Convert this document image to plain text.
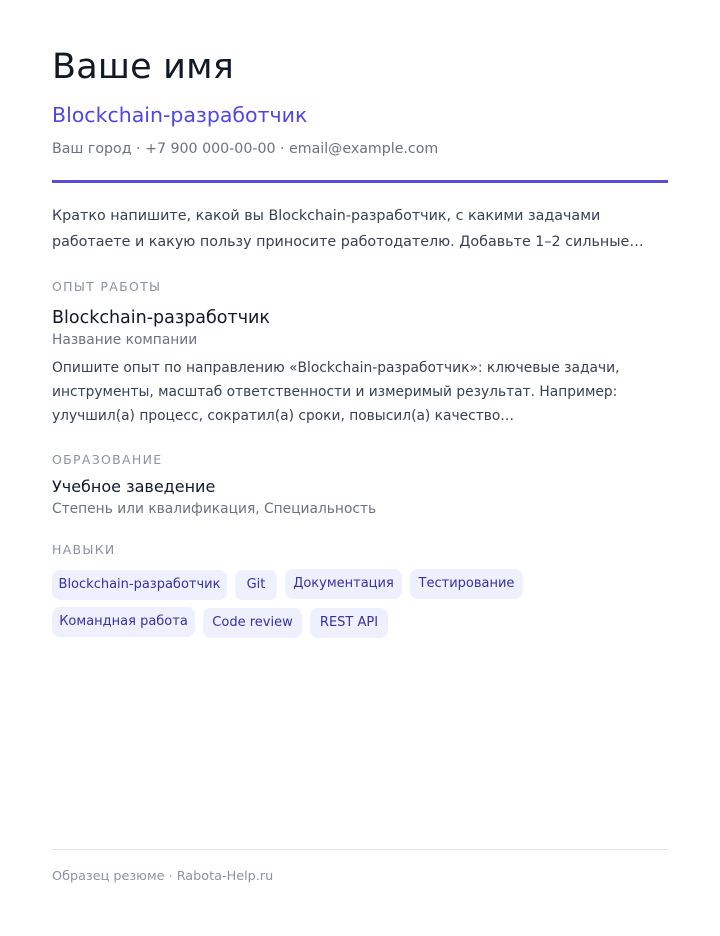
Ваше имя
Blockchain-разработчик
Ваш город · +7 900 000-00-00 · email@example.com
Кратко напишите, какой вы Blockchain-разработчик, с какими задачами работаете и какую пользу приносите работодателю. Добавьте 1–2 сильные…
ОПЫТ РАБОТЫ
Blockchain-разработчик
Название компании
Опишите опыт по направлению «Blockchain-разработчик»: ключевые задачи, инструменты, масштаб ответственности и измеримый результат. Например: улучшил(а) процесс, сократил(а) сроки, повысил(а) качество…
ОБРАЗОВАНИЕ
Учебное заведение
Степень или квалификация, Специальность
НАВЫКИ
Blockchain-разработчик	Git	Документация	Тестирование
Командная работа	Code review	REST API
Образец резюме · Rabota-Help.ru
